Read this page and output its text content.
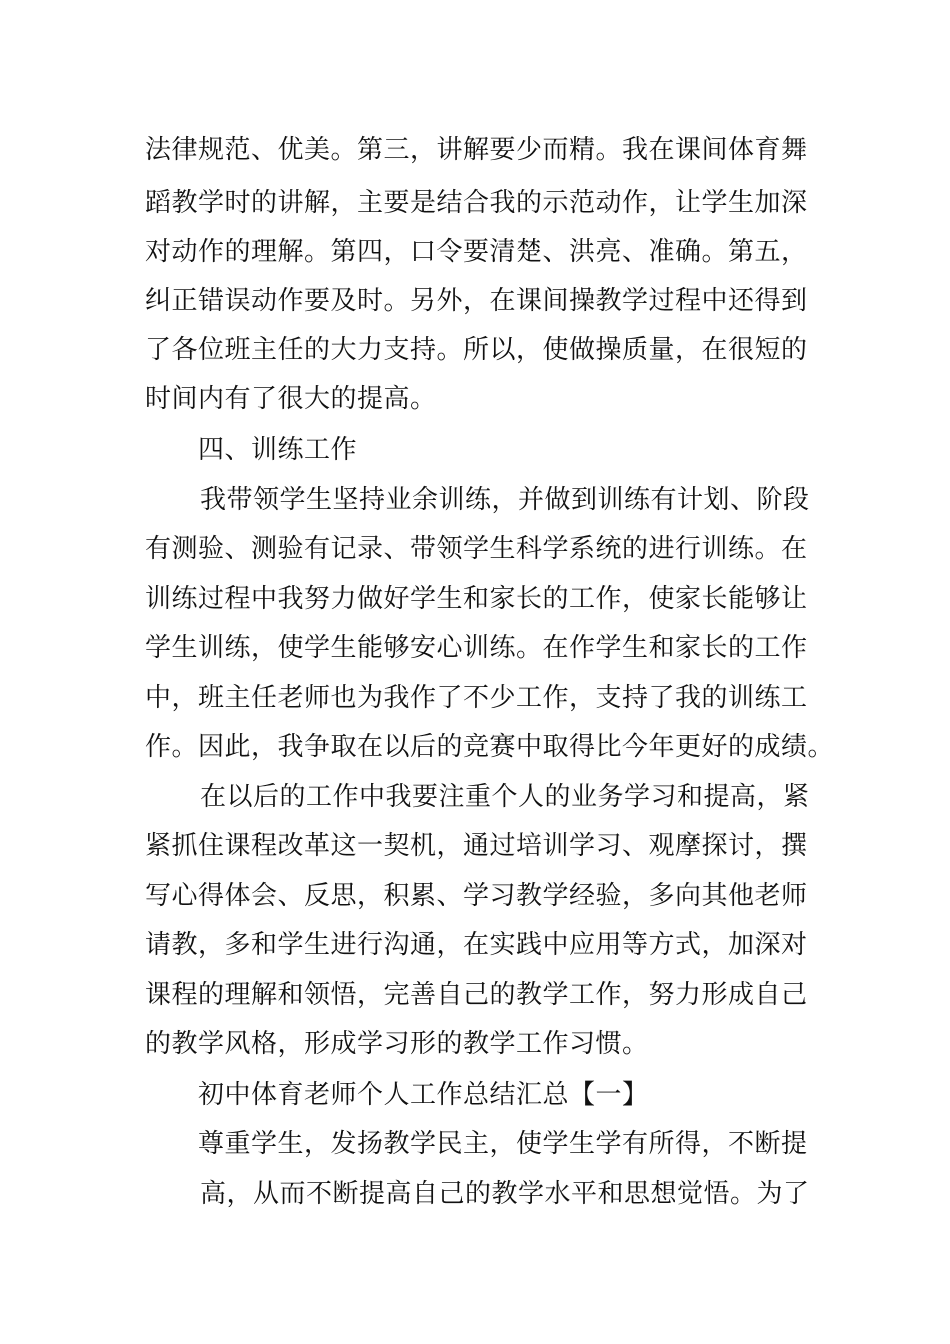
法律规范、优美。第三，讲解要少而精。我在课间体育舞
蹈教学时的讲解，主要是结合我的示范动作，让学生加深
对动作的理解。第四，口令要清楚、洪亮、准确。第五，
纠正错误动作要及时。另外，在课间操教学过程中还得到
了各位班主任的大力支持。所以，使做操质量，在很短的
时间内有了很大的提高。
四、训练工作
我带领学生坚持业余训练，并做到训练有计划、阶段
有测验、测验有记录、带领学生科学系统的进行训练。在
训练过程中我努力做好学生和家长的工作，使家长能够让
学生训练，使学生能够安心训练。在作学生和家长的工作
中，班主任老师也为我作了不少工作，支持了我的训练工
作。因此，我争取在以后的竞赛中取得比今年更好的成绩。
在以后的工作中我要注重个人的业务学习和提高，紧
紧抓住课程改革这一契机，通过培训学习、观摩探讨，撰
写心得体会、反思，积累、学习教学经验，多向其他老师
请教，多和学生进行沟通，在实践中应用等方式，加深对
课程的理解和领悟，完善自己的教学工作，努力形成自己
的教学风格，形成学习形的教学工作习惯。
初中体育老师个人工作总结汇总【一】
尊重学生，发扬教学民主，使学生学有所得，不断提
高，从而不断提高自己的教学水平和思想觉悟。为了
